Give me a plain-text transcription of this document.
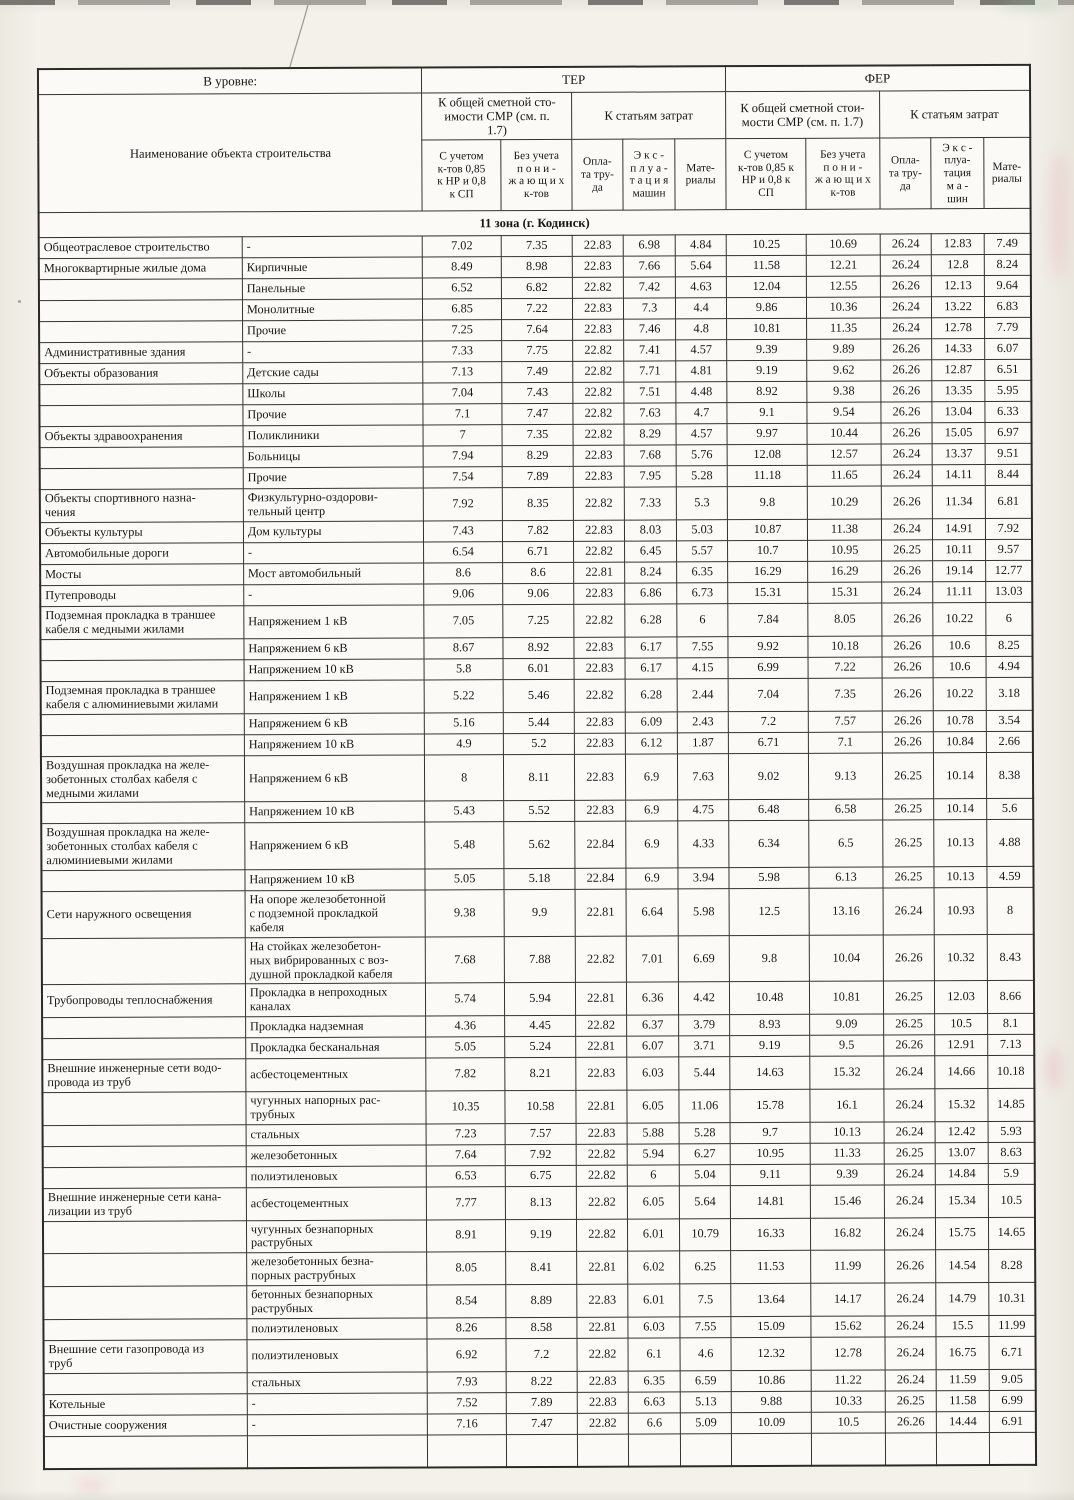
В уровне:		ТЕР					ФЕР				
Наименование объекта строительства		К общей сметной сто-
имости СМР (см. п.
1.7)		К статьям затрат			К общей сметной стои-
мости СМР (см. п. 1.7)		К статьям затрат		
		С учетом
к-тов 0,85
к НР и 0,8
к СП	Без учета
п о н и -
ж а ю щ и х
к-тов	Опла-
та тру-
да	Э к с -
п л у а -
т а ц и я
машин	Мате-
риалы	С учетом
к-тов 0,85 к
НР и 0,8 к
СП	Без учета
п о н и -
ж а ю щ и х
к-тов	Опла-
та тру-
да	Э к с -
плуа-
тация
м а -
шин	Мате-
риалы
11 зона (г. Кодинск)											
Общеотраслевое строительство	-	7.02	7.35	22.83	6.98	4.84	10.25	10.69	26.24	12.83	7.49
Многоквартирные жилые дома	Кирпичные	8.49	8.98	22.83	7.66	5.64	11.58	12.21	26.24	12.8	8.24
	Панельные	6.52	6.82	22.82	7.42	4.63	12.04	12.55	26.26	12.13	9.64
	Монолитные	6.85	7.22	22.83	7.3	4.4	9.86	10.36	26.24	13.22	6.83
	Прочие	7.25	7.64	22.83	7.46	4.8	10.81	11.35	26.24	12.78	7.79
Административные здания	-	7.33	7.75	22.82	7.41	4.57	9.39	9.89	26.26	14.33	6.07
Объекты образования	Детские сады	7.13	7.49	22.82	7.71	4.81	9.19	9.62	26.26	12.87	6.51
	Школы	7.04	7.43	22.82	7.51	4.48	8.92	9.38	26.26	13.35	5.95
	Прочие	7.1	7.47	22.82	7.63	4.7	9.1	9.54	26.26	13.04	6.33
Объекты здравоохранения	Поликлиники	7	7.35	22.82	8.29	4.57	9.97	10.44	26.26	15.05	6.97
	Больницы	7.94	8.29	22.83	7.68	5.76	12.08	12.57	26.24	13.37	9.51
	Прочие	7.54	7.89	22.83	7.95	5.28	11.18	11.65	26.24	14.11	8.44
Объекты спортивного назна-
чения	Физкультурно-оздорови-
тельный центр	7.92	8.35	22.82	7.33	5.3	9.8	10.29	26.26	11.34	6.81
Объекты культуры	Дом культуры	7.43	7.82	22.83	8.03	5.03	10.87	11.38	26.24	14.91	7.92
Автомобильные дороги	-	6.54	6.71	22.82	6.45	5.57	10.7	10.95	26.25	10.11	9.57
Мосты	Мост автомобильный	8.6	8.6	22.81	8.24	6.35	16.29	16.29	26.26	19.14	12.77
Путепроводы	-	9.06	9.06	22.83	6.86	6.73	15.31	15.31	26.24	11.11	13.03
Подземная прокладка в траншее
кабеля с медными жилами	Напряжением 1 кВ	7.05	7.25	22.82	6.28	6	7.84	8.05	26.26	10.22	6
	Напряжением 6 кВ	8.67	8.92	22.83	6.17	7.55	9.92	10.18	26.26	10.6	8.25
	Напряжением 10 кВ	5.8	6.01	22.83	6.17	4.15	6.99	7.22	26.26	10.6	4.94
Подземная прокладка в траншее
кабеля с алюминиевыми жилами	Напряжением 1 кВ	5.22	5.46	22.82	6.28	2.44	7.04	7.35	26.26	10.22	3.18
	Напряжением 6 кВ	5.16	5.44	22.83	6.09	2.43	7.2	7.57	26.26	10.78	3.54
	Напряжением 10 кВ	4.9	5.2	22.83	6.12	1.87	6.71	7.1	26.26	10.84	2.66
Воздушная прокладка на желе-
зобетонных столбах кабеля с
медными жилами	Напряжением 6 кВ	8	8.11	22.83	6.9	7.63	9.02	9.13	26.25	10.14	8.38
	Напряжением 10 кВ	5.43	5.52	22.83	6.9	4.75	6.48	6.58	26.25	10.14	5.6
Воздушная прокладка на желе-
зобетонных столбах кабеля с
алюминиевыми жилами	Напряжением 6 кВ	5.48	5.62	22.84	6.9	4.33	6.34	6.5	26.25	10.13	4.88
	Напряжением 10 кВ	5.05	5.18	22.84	6.9	3.94	5.98	6.13	26.25	10.13	4.59
Сети наружного освещения	На опоре железобетонной
с подземной прокладкой
кабеля	9.38	9.9	22.81	6.64	5.98	12.5	13.16	26.24	10.93	8
	На стойках железобетон-
ных вибрированных с воз-
душной прокладкой кабеля	7.68	7.88	22.82	7.01	6.69	9.8	10.04	26.26	10.32	8.43
Трубопроводы теплоснабжения	Прокладка в непроходных
каналах	5.74	5.94	22.81	6.36	4.42	10.48	10.81	26.25	12.03	8.66
	Прокладка надземная	4.36	4.45	22.82	6.37	3.79	8.93	9.09	26.25	10.5	8.1
	Прокладка бесканальная	5.05	5.24	22.81	6.07	3.71	9.19	9.5	26.26	12.91	7.13
Внешние инженерные сети водо-
провода из труб	асбестоцементных	7.82	8.21	22.83	6.03	5.44	14.63	15.32	26.24	14.66	10.18
	чугунных напорных рас-
трубных	10.35	10.58	22.81	6.05	11.06	15.78	16.1	26.24	15.32	14.85
	стальных	7.23	7.57	22.83	5.88	5.28	9.7	10.13	26.24	12.42	5.93
	железобетонных	7.64	7.92	22.82	5.94	6.27	10.95	11.33	26.25	13.07	8.63
	полиэтиленовых	6.53	6.75	22.82	6	5.04	9.11	9.39	26.24	14.84	5.9
Внешние инженерные сети кана-
лизации из труб	асбестоцементных	7.77	8.13	22.82	6.05	5.64	14.81	15.46	26.24	15.34	10.5
	чугунных безнапорных
раструбных	8.91	9.19	22.82	6.01	10.79	16.33	16.82	26.24	15.75	14.65
	железобетонных безна-
порных раструбных	8.05	8.41	22.81	6.02	6.25	11.53	11.99	26.26	14.54	8.28
	бетонных безнапорных
раструбных	8.54	8.89	22.83	6.01	7.5	13.64	14.17	26.24	14.79	10.31
	полиэтиленовых	8.26	8.58	22.81	6.03	7.55	15.09	15.62	26.24	15.5	11.99
Внешние сети газопровода из
труб	полиэтиленовых	6.92	7.2	22.82	6.1	4.6	12.32	12.78	26.24	16.75	6.71
	стальных	7.93	8.22	22.83	6.35	6.59	10.86	11.22	26.24	11.59	9.05
Котельные	-	7.52	7.89	22.83	6.63	5.13	9.88	10.33	26.25	11.58	6.99
Очистные сооружения	-	7.16	7.47	22.82	6.6	5.09	10.09	10.5	26.26	14.44	6.91
